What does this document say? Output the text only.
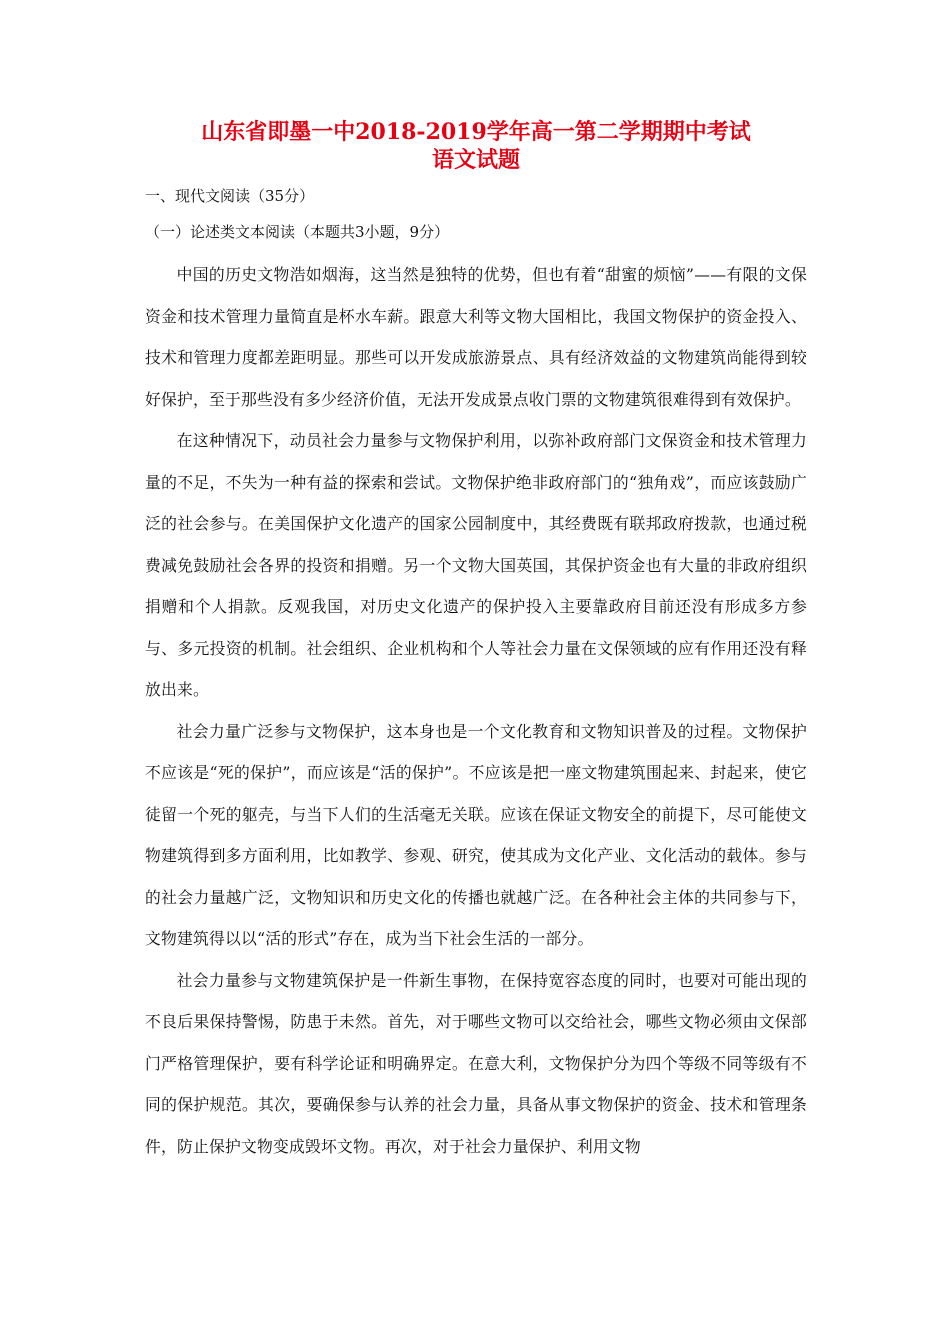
山东省即墨一中2018-2019学年高一第二学期期中考试
语文试题
一、现代文阅读（35分）
（一）论述类文本阅读（本题共3小题，9分）

中国的历史文物浩如烟海，这当然是独特的优势，但也有着“甜蜜的烦恼”——有限的文保资金和技术管理力量简直是杯水车薪。跟意大利等文物大国相比，我国文物保护的资金投入、技术和管理力度都差距明显。那些可以开发成旅游景点、具有经济效益的文物建筑尚能得到较好保护，至于那些没有多少经济价值，无法开发成景点收门票的文物建筑很难得到有效保护。

在这种情况下，动员社会力量参与文物保护利用，以弥补政府部门文保资金和技术管理力量的不足，不失为一种有益的探索和尝试。文物保护绝非政府部门的“独角戏”，而应该鼓励广泛的社会参与。在美国保护文化遗产的国家公园制度中，其经费既有联邦政府拨款，也通过税费减免鼓励社会各界的投资和捐赠。另一个文物大国英国，其保护资金也有大量的非政府组织捐赠和个人捐款。反观我国，对历史文化遗产的保护投入主要靠政府目前还没有形成多方参与、多元投资的机制。社会组织、企业机构和个人等社会力量在文保领域的应有作用还没有释放出来。

社会力量广泛参与文物保护，这本身也是一个文化教育和文物知识普及的过程。文物保护不应该是“死的保护”，而应该是“活的保护”。不应该是把一座文物建筑围起来、封起来，使它徒留一个死的躯壳，与当下人们的生活毫无关联。应该在保证文物安全的前提下，尽可能使文物建筑得到多方面利用，比如教学、参观、研究，使其成为文化产业、文化活动的载体。参与的社会力量越广泛，文物知识和历史文化的传播也就越广泛。在各种社会主体的共同参与下，文物建筑得以以“活的形式”存在，成为当下社会生活的一部分。

社会力量参与文物建筑保护是一件新生事物，在保持宽容态度的同时，也要对可能出现的不良后果保持警惕，防患于未然。首先，对于哪些文物可以交给社会，哪些文物必须由文保部门严格管理保护，要有科学论证和明确界定。在意大利，文物保护分为四个等级不同等级有不同的保护规范。其次，要确保参与认养的社会力量，具备从事文物保护的资金、技术和管理条件，防止保护文物变成毁坏文物。再次，对于社会力量保护、利用文物
